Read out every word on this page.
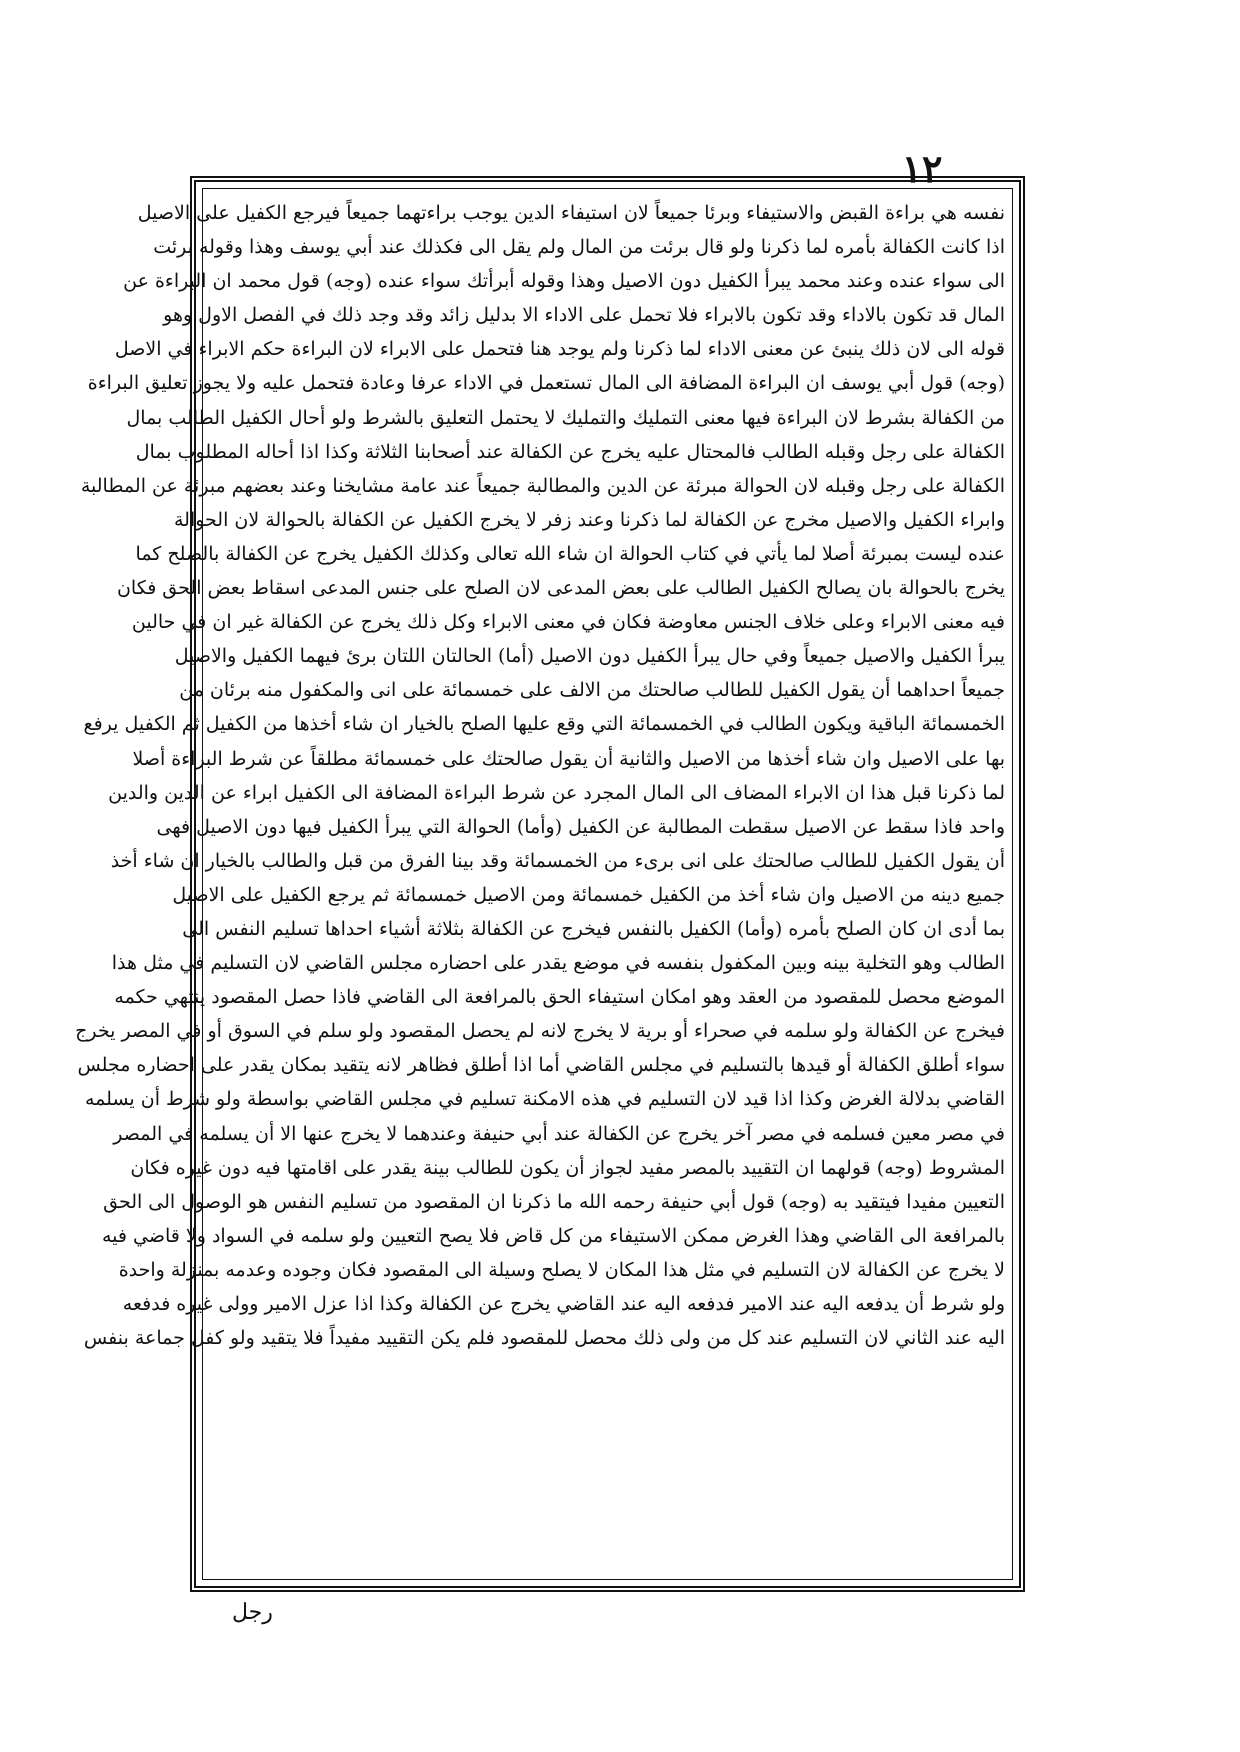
١٢
نفسه هي براءة القبض والاستيفاء وبرئا جميعاً لان استيفاء الدين يوجب براءتهما جميعاً فيرجع الكفيل على الاصيل
اذا كانت الكفالة بأمره لما ذكرنا ولو قال برئت من المال ولم يقل الى فكذلك عند أبي يوسف وهذا وقوله برئت
الى سواء عنده وعند محمد يبرأ الكفيل دون الاصيل وهذا وقوله أبرأتك سواء عنده (وجه) قول محمد ان البراءة عن
المال قد تكون بالاداء وقد تكون بالابراء فلا تحمل على الاداء الا بدليل زائد وقد وجد ذلك في الفصل الاول وهو
قوله الى لان ذلك ينبئ عن معنى الاداء لما ذكرنا ولم يوجد هنا فتحمل على الابراء لان البراءة حكم الابراء في الاصل
(وجه) قول أبي يوسف ان البراءة المضافة الى المال تستعمل في الاداء عرفا وعادة فتحمل عليه ولا يجوز تعليق البراءة
من الكفالة بشرط لان البراءة فيها معنى التمليك والتمليك لا يحتمل التعليق بالشرط ولو أحال الكفيل الطالب بمال
الكفالة على رجل وقبله الطالب فالمحتال عليه يخرج عن الكفالة عند أصحابنا الثلاثة وكذا اذا أحاله المطلوب بمال
الكفالة على رجل وقبله لان الحوالة مبرئة عن الدين والمطالبة جميعاً عند عامة مشايخنا وعند بعضهم مبرئة عن المطالبة
وابراء الكفيل والاصيل مخرج عن الكفالة لما ذكرنا وعند زفر لا يخرج الكفيل عن الكفالة بالحوالة لان الحوالة
عنده ليست بمبرئة أصلا لما يأتي في كتاب الحوالة ان شاء الله تعالى وكذلك الكفيل يخرج عن الكفالة بالصلح كما
يخرج بالحوالة بان يصالح الكفيل الطالب على بعض المدعى لان الصلح على جنس المدعى اسقاط بعض الحق فكان
فيه معنى الابراء وعلى خلاف الجنس معاوضة فكان في معنى الابراء وكل ذلك يخرج عن الكفالة غير ان في حالين
يبرأ الكفيل والاصيل جميعاً وفي حال يبرأ الكفيل دون الاصيل (أما) الحالتان اللتان برئ فيهما الكفيل والاصيل
جميعاً احداهما أن يقول الكفيل للطالب صالحتك من الالف على خمسمائة على انى والمكفول منه برئان من
الخمسمائة الباقية ويكون الطالب في الخمسمائة التي وقع عليها الصلح بالخيار ان شاء أخذها من الكفيل ثم الكفيل يرفع
بها على الاصيل وان شاء أخذها من الاصيل والثانية أن يقول صالحتك على خمسمائة مطلقاً عن شرط البراءة أصلا
لما ذكرنا قبل هذا ان الابراء المضاف الى المال المجرد عن شرط البراءة المضافة الى الكفيل ابراء عن الدين والدين
واحد فاذا سقط عن الاصيل سقطت المطالبة عن الكفيل (وأما) الحوالة التي يبرأ الكفيل فيها دون الاصيل فهى
أن يقول الكفيل للطالب صالحتك على انى برىء من الخمسمائة وقد بينا الفرق من قبل والطالب بالخيار ان شاء أخذ
جميع دينه من الاصيل وان شاء أخذ من الكفيل خمسمائة ومن الاصيل خمسمائة ثم يرجع الكفيل على الاصيل
بما أدى ان كان الصلح بأمره (وأما) الكفيل بالنفس فيخرج عن الكفالة بثلاثة أشياء احداها تسليم النفس الى
الطالب وهو التخلية بينه وبين المكفول بنفسه في موضع يقدر على احضاره مجلس القاضي لان التسليم في مثل هذا
الموضع محصل للمقصود من العقد وهو امكان استيفاء الحق بالمرافعة الى القاضي فاذا حصل المقصود ينتهي حكمه
فيخرج عن الكفالة ولو سلمه في صحراء أو برية لا يخرج لانه لم يحصل المقصود ولو سلم في السوق أو في المصر يخرج
سواء أطلق الكفالة أو قيدها بالتسليم في مجلس القاضي أما اذا أطلق فظاهر لانه يتقيد بمكان يقدر على احضاره مجلس
القاضي بدلالة الغرض وكذا اذا قيد لان التسليم في هذه الامكنة تسليم في مجلس القاضي بواسطة ولو شرط أن يسلمه
في مصر معين فسلمه في مصر آخر يخرج عن الكفالة عند أبي حنيفة وعندهما لا يخرج عنها الا أن يسلمه في المصر
المشروط (وجه) قولهما ان التقييد بالمصر مفيد لجواز أن يكون للطالب بينة يقدر على اقامتها فيه دون غيره فكان
التعيين مفيدا فيتقيد به (وجه) قول أبي حنيفة رحمه الله ما ذكرنا ان المقصود من تسليم النفس هو الوصول الى الحق
بالمرافعة الى القاضي وهذا الغرض ممكن الاستيفاء من كل قاض فلا يصح التعيين ولو سلمه في السواد ولا قاضي فيه
لا يخرج عن الكفالة لان التسليم في مثل هذا المكان لا يصلح وسيلة الى المقصود فكان وجوده وعدمه بمنزلة واحدة
ولو شرط أن يدفعه اليه عند الامير فدفعه اليه عند القاضي يخرج عن الكفالة وكذا اذا عزل الامير وولى غيره فدفعه
اليه عند الثاني لان التسليم عند كل من ولى ذلك محصل للمقصود فلم يكن التقييد مفيداً فلا يتقيد ولو كفل جماعة بنفس
رجل
